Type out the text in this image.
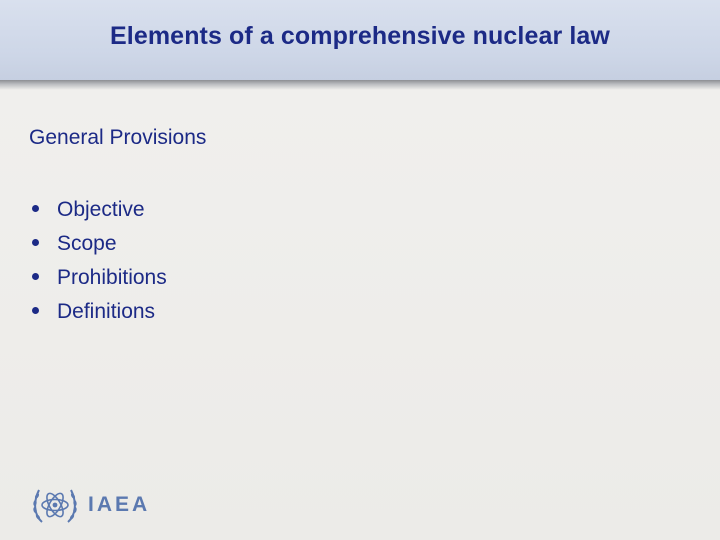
Elements of a comprehensive nuclear law
General Provisions
Objective
Scope
Prohibitions
Definitions
IAEA
